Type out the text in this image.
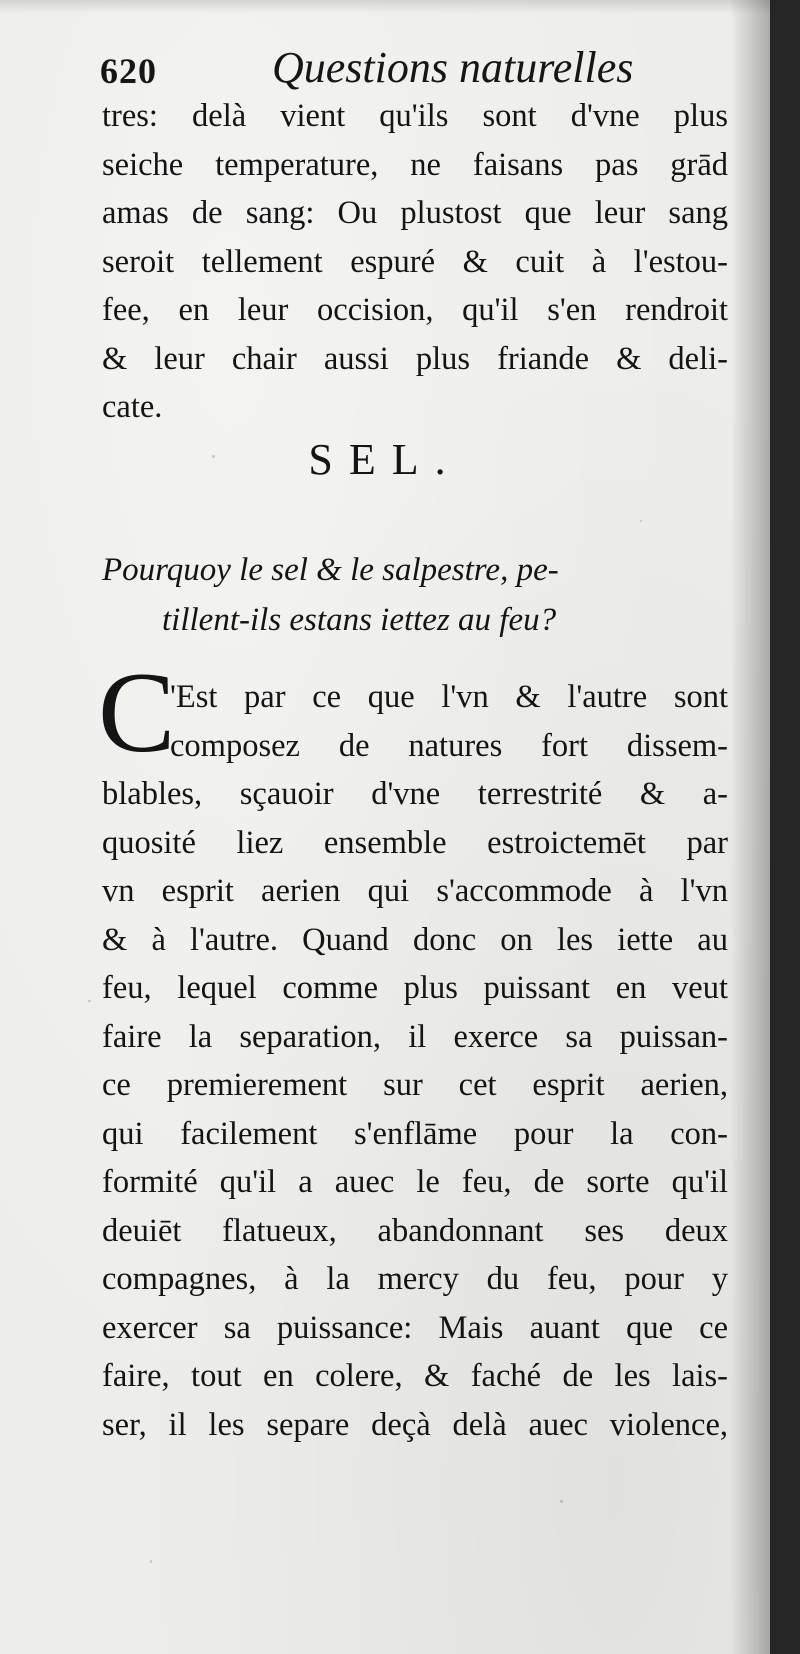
620	Questions naturelles
tres: delà vient qu'ils sont d'vne plus
seiche temperature, ne faisans pas grād
amas de sang: Ou plustost que leur sang
seroit tellement espuré & cuit à l'estou-
fee, en leur occision, qu'il s'en rendroit
& leur chair aussi plus friande & deli-
cate.
SEL.
Pourquoy le sel & le salpestre, pe-
tillent-ils estans iettez au feu?
C
'Est par ce que l'vn & l'autre sont
composez de natures fort dissem-
blables, sçauoir d'vne terrestrité & a-
quosité liez ensemble estroictemēt par
vn esprit aerien qui s'accommode à l'vn
& à l'autre. Quand donc on les iette au
feu, lequel comme plus puissant en veut
faire la separation, il exerce sa puissan-
ce premierement sur cet esprit aerien,
qui facilement s'enflāme pour la con-
formité qu'il a auec le feu, de sorte qu'il
deuiēt flatueux, abandonnant ses deux
compagnes, à la mercy du feu, pour y
exercer sa puissance: Mais auant que ce
faire, tout en colere, & faché de les lais-
ser, il les separe deçà delà auec violence,
